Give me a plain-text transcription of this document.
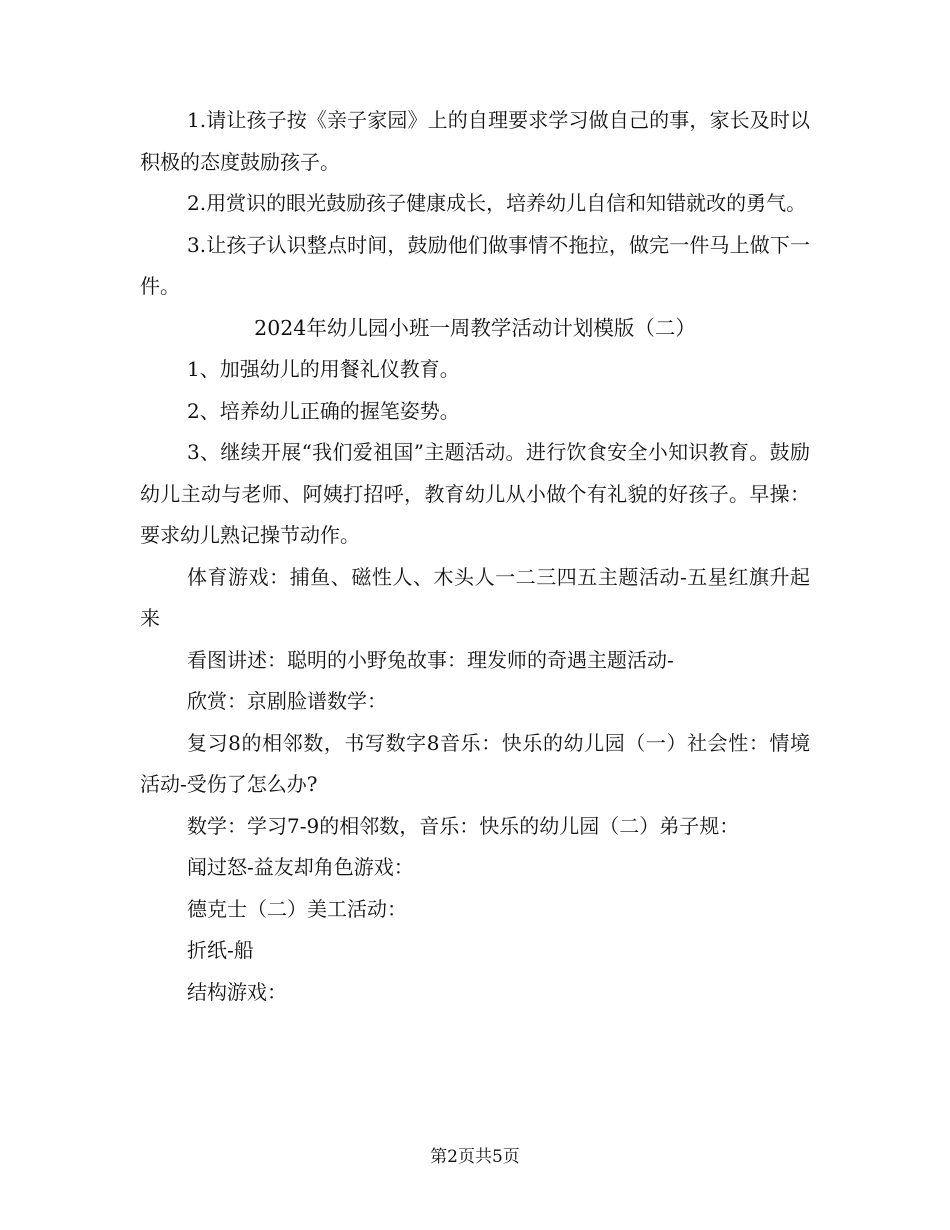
1.请让孩子按《亲子家园》上的自理要求学习做自己的事，家长及时以积极的态度鼓励孩子。

2.用赏识的眼光鼓励孩子健康成长，培养幼儿自信和知错就改的勇气。

3.让孩子认识整点时间，鼓励他们做事情不拖拉，做完一件马上做下一件。

2024年幼儿园小班一周教学活动计划模版（二）

1、加强幼儿的用餐礼仪教育。

2、培养幼儿正确的握笔姿势。

3、继续开展“我们爱祖国”主题活动。进行饮食安全小知识教育。鼓励幼儿主动与老师、阿姨打招呼，教育幼儿从小做个有礼貌的好孩子。早操：要求幼儿熟记操节动作。

体育游戏：捕鱼、磁性人、木头人一二三四五主题活动-五星红旗升起来

看图讲述：聪明的小野兔故事：理发师的奇遇主题活动-

欣赏：京剧脸谱数学：

复习8的相邻数，书写数字8音乐：快乐的幼儿园（一）社会性：情境活动-受伤了怎么办?

数学：学习7-9的相邻数，音乐：快乐的幼儿园（二）弟子规：

闻过怒-益友却角色游戏：

德克士（二）美工活动：

折纸-船

结构游戏：

第2页共5页
